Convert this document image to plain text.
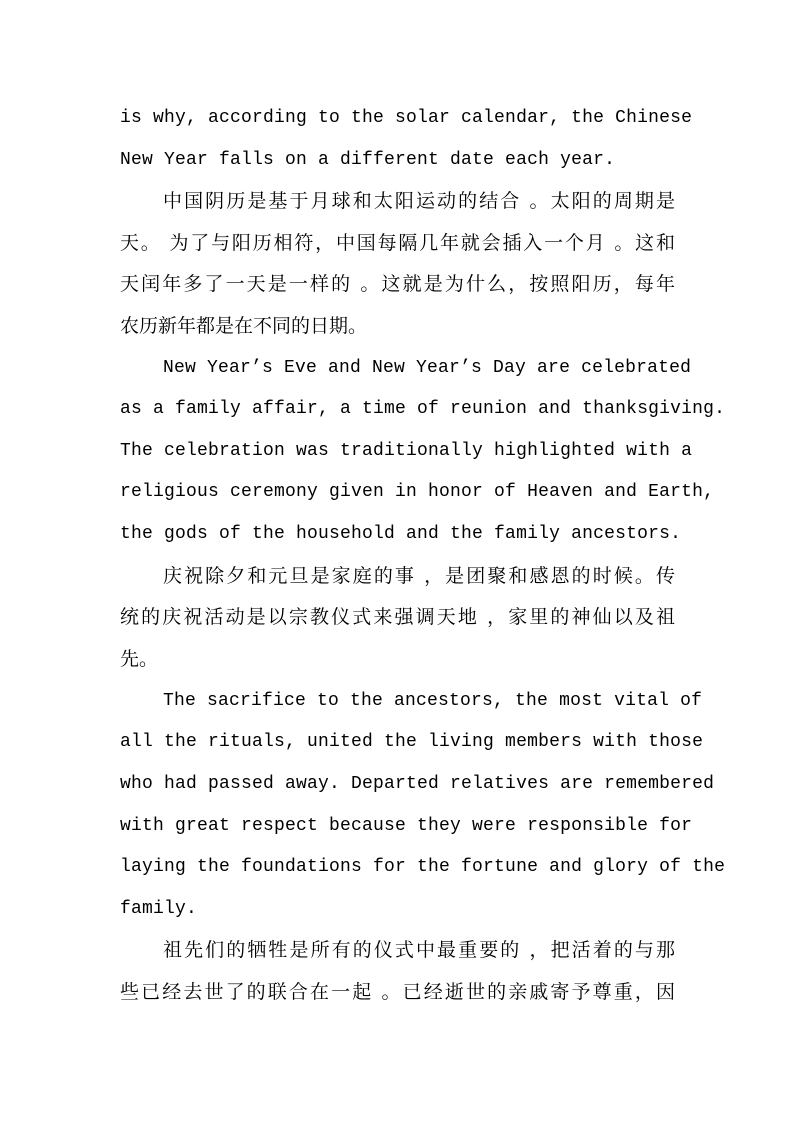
is why, according to the solar calendar, the Chinese
New Year falls on a different date each year.
中国阴历是基于月球和太阳运动的结合 。太阳的周期是
天。 为了与阳历相符，中国每隔几年就会插入一个月 。这和
天闰年多了一天是一样的 。这就是为什么，按照阳历，每年
农历新年都是在不同的日期。
New Year’s Eve and New Year’s Day are celebrated
as a family affair, a time of reunion and thanksgiving.
The celebration was traditionally highlighted with a
religious ceremony given in honor of Heaven and Earth,
the gods of the household and the family ancestors.
庆祝除夕和元旦是家庭的事 ，是团聚和感恩的时候。传
统的庆祝活动是以宗教仪式来强调天地 ，家里的神仙以及祖
先。
The sacrifice to the ancestors, the most vital of
all the rituals, united the living members with those
who had passed away. Departed relatives are remembered
with great respect because they were responsible for
laying the foundations for the fortune and glory of the
family.
祖先们的牺牲是所有的仪式中最重要的 ，把活着的与那
些已经去世了的联合在一起 。已经逝世的亲戚寄予尊重，因
